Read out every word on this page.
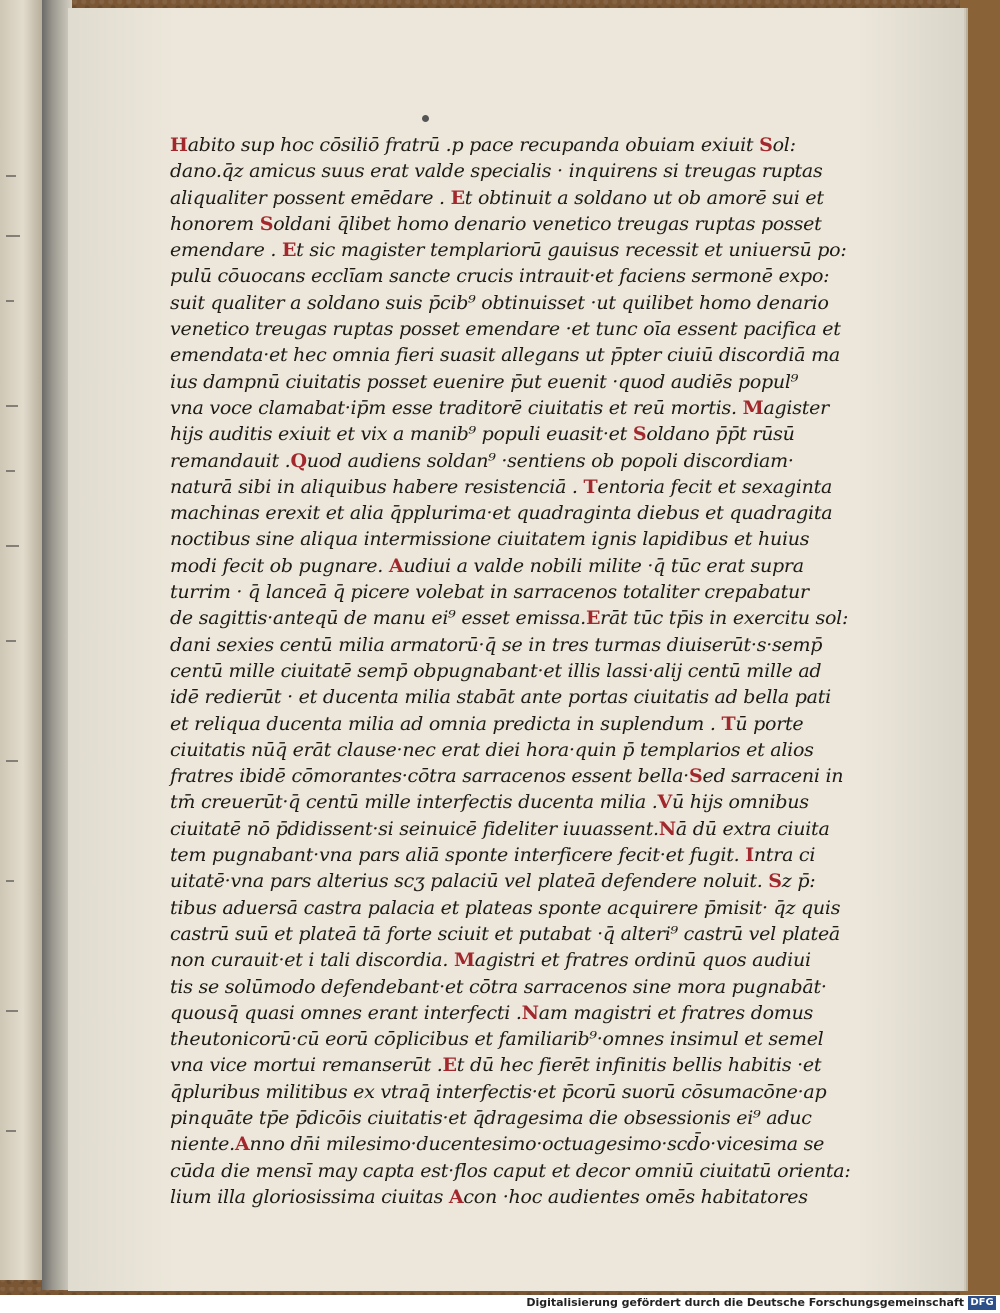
Habito sup hoc cōsiliō fratrū .p pace recupanda obuiam exiuit Sol:
dano.q̄z amicus suus erat valde specialis · inquirens si treugas ruptas
aliqualiter possent emēdare . Et obtinuit a soldano ut ob amorē sui et
honorem Soldani q̄libet homo denario venetico treugas ruptas posset
emendare . Et sic magister templariorū gauisus recessit et uniuersū po:
pulū cōuocans ecclīam sancte crucis intrauit·et faciens sermonē expo:
suit qualiter a soldano suis p̄cib⁹ obtinuisset ·ut quilibet homo denario
venetico treugas ruptas posset emendare ·et tunc oīa essent pacifica et
emendata·et hec omnia fieri suasit allegans ut p̄pter ciuiū discordiā ma
ius dampnū ciuitatis posset euenire p̄ut euenit ·quod audiēs popul⁹
vna voce clamabat·ip̄m esse traditorē ciuitatis et reū mortis. Magister
hijs auditis exiuit et vix a manib⁹ populi euasit·et Soldano p̄p̄t rūsū
remandauit .Quod audiens soldan⁹ ·sentiens ob popoli discordiam·
naturā sibi in aliquibus habere resistenciā . Tentoria fecit et sexaginta
machinas erexit et alia q̄pplurima·et quadraginta diebus et quadragita
noctibus sine aliqua intermissione ciuitatem ignis lapidibus et huius
modi fecit ob pugnare. Audiui a valde nobili milite ·q̄ tūc erat supra
turrim · q̄ lanceā q̄ picere volebat in sarracenos totaliter crepabatur
de sagittis·anteqū de manu ei⁹ esset emissa.Erāt tūc tp̄is in exercitu sol:
dani sexies centū milia armatorū·q̄ se in tres turmas diuiserūt·s·semp̄
centū mille ciuitatē semp̄ obpugnabant·et illis lassi·alij centū mille ad
idē redierūt · et ducenta milia stabāt ante portas ciuitatis ad bella pati
et reliqua ducenta milia ad omnia predicta in suplendum . Tū porte
ciuitatis nūq̄ erāt clause·nec erat diei hora·quin p̄ templarios et alios
fratres ibidē cōmorantes·cōtra sarracenos essent bella·Sed sarraceni in
tm̄ creuerūt·q̄ centū mille interfectis ducenta milia .Vū hijs omnibus
ciuitatē nō p̄didissent·si seinuicē fideliter iuuassent.Nā dū extra ciuita
tem pugnabant·vna pars aliā sponte interficere fecit·et fugit. Intra ci
uitatē·vna pars alterius scʒ palaciū vel plateā defendere noluit. Sz p̄:
tibus aduersā castra palacia et plateas sponte acquirere p̄misit· q̄z quis
castrū suū et plateā tā forte sciuit et putabat ·q̄ alteri⁹ castrū vel plateā
non curauit·et i tali discordia. Magistri et fratres ordinū quos audiui
tis se solūmodo defendebant·et cōtra sarracenos sine mora pugnabāt·
quousq̄ quasi omnes erant interfecti .Nam magistri et fratres domus
theutonicorū·cū eorū cōplicibus et familiarib⁹·omnes insimul et semel
vna vice mortui remanserūt .Et dū hec fierēt infinitis bellis habitis ·et
q̄pluribus militibus ex vtraq̄ interfectis·et p̄corū suorū cōsumacōne·ap
pinquāte tp̄e p̄dicōis ciuitatis·et q̄dragesima die obsessionis ei⁹ aduc
niente.Anno dn̄i milesimo·ducentesimo·octuagesimo·scd̄o·vicesima se
cūda die mensī may capta est·flos caput et decor omniū ciuitatū orienta:
lium illa gloriosissima ciuitas Acon ·hoc audientes omēs habitatores
Digitalisierung gefördert durch die Deutsche Forschungsgemeinschaft DFG
